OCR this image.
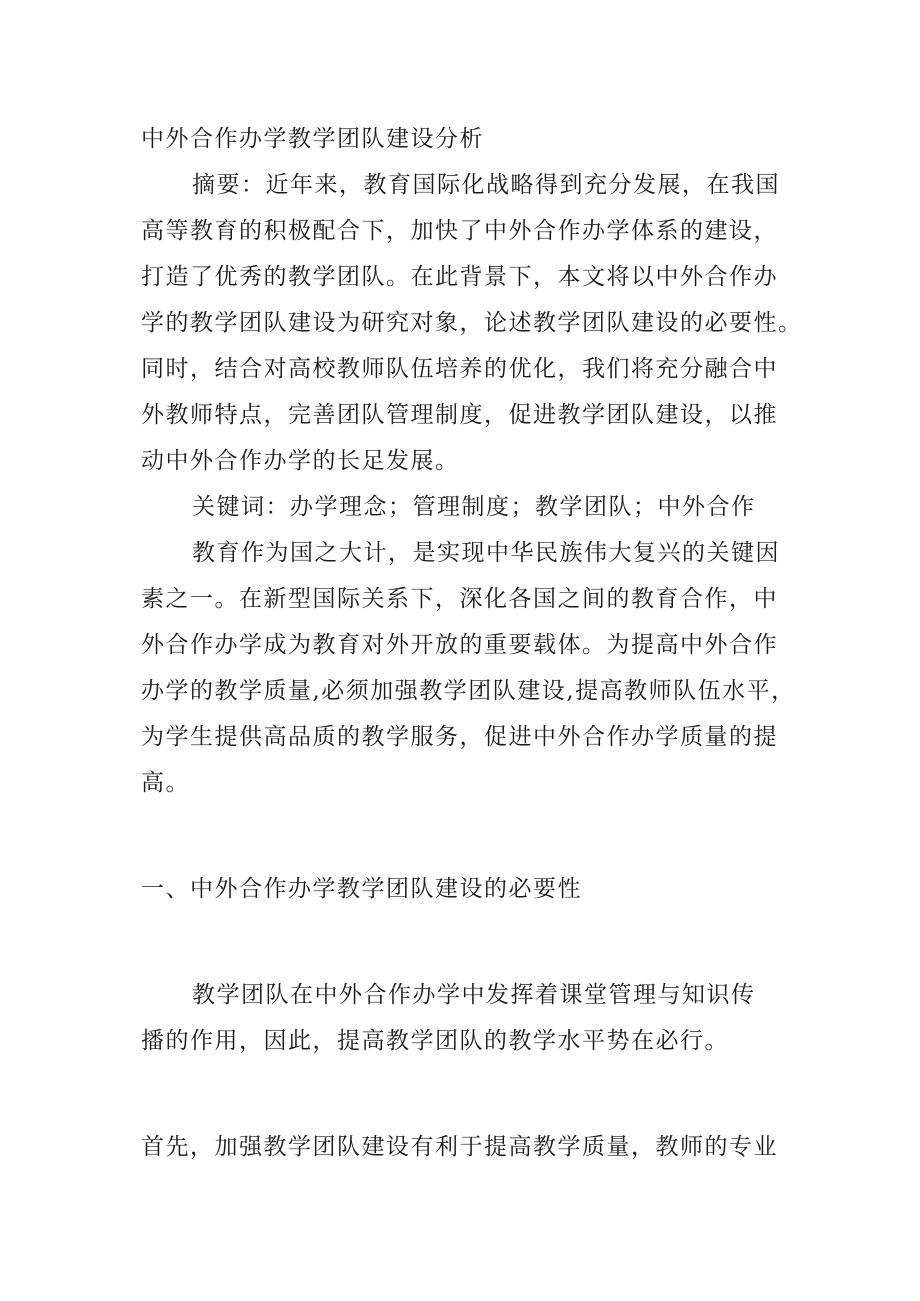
中外合作办学教学团队建设分析
摘要：近年来，教育国际化战略得到充分发展，在我国
高等教育的积极配合下，加快了中外合作办学体系的建设，
打造了优秀的教学团队。在此背景下，本文将以中外合作办
学的教学团队建设为研究对象，论述教学团队建设的必要性。
同时，结合对高校教师队伍培养的优化，我们将充分融合中
外教师特点，完善团队管理制度，促进教学团队建设，以推
动中外合作办学的长足发展。
关键词：办学理念；管理制度；教学团队；中外合作
教育作为国之大计，是实现中华民族伟大复兴的关键因
素之一。在新型国际关系下，深化各国之间的教育合作，中
外合作办学成为教育对外开放的重要载体。为提高中外合作
办学的教学质量,必须加强教学团队建设,提高教师队伍水平，
为学生提供高品质的教学服务，促进中外合作办学质量的提
高。
一、中外合作办学教学团队建设的必要性
教学团队在中外合作办学中发挥着课堂管理与知识传
播的作用，因此，提高教学团队的教学水平势在必行。
首先，加强教学团队建设有利于提高教学质量，教师的专业
